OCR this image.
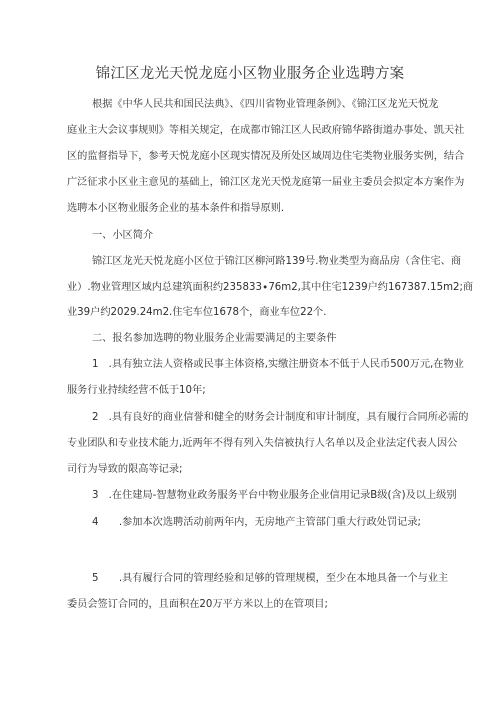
锦江区龙光天悦龙庭小区物业服务企业选聘方案
根据《中华人民共和国民法典》、《四川省物业管理条例》、《锦江区龙光天悦龙
庭业主大会议事规则》等相关规定，在成都市锦江区人民政府锦华路街道办事处、凯天社
区的监督指导下，参考天悦龙庭小区现实情况及所处区域周边住宅类物业服务实例，结合
广泛征求小区业主意见的基础上，锦江区龙光天悦龙庭第一届业主委员会拟定本方案作为
选聘本小区物业服务企业的基本条件和指导原则.
一、小区简介
锦江区龙光天悦龙庭小区位于锦江区柳河路139号.物业类型为商品房（含住宅、商
业）.物业管理区域内总建筑面积约235833∙76m2,其中住宅1239户约167387.15m2;商
业39户约2029.24m2.住宅车位1678个，商业车位22个.
二、报名参加选聘的物业服务企业需要满足的主要条件
1　.具有独立法人资格或民事主体资格,实缴注册资本不低于人民币500万元,在物业
服务行业持续经营不低于10年;
2　.具有良好的商业信誉和健全的财务会计制度和审计制度，具有履行合同所必需的
专业团队和专业技术能力,近两年不得有列入失信被执行人名单以及企业法定代表人因公
司行为导致的限高等记录;
3　.在住建局-智慧物业政务服务平台中物业服务企业信用记录B级(含)及以上级别
4　　.参加本次选聘活动前两年内，无房地产主管部门重大行政处罚记录;
5　　.具有履行合同的管理经验和足够的管理规模，至少在本地具备一个与业主
委员会签订合同的，且面积在20万平方米以上的在管项目;
